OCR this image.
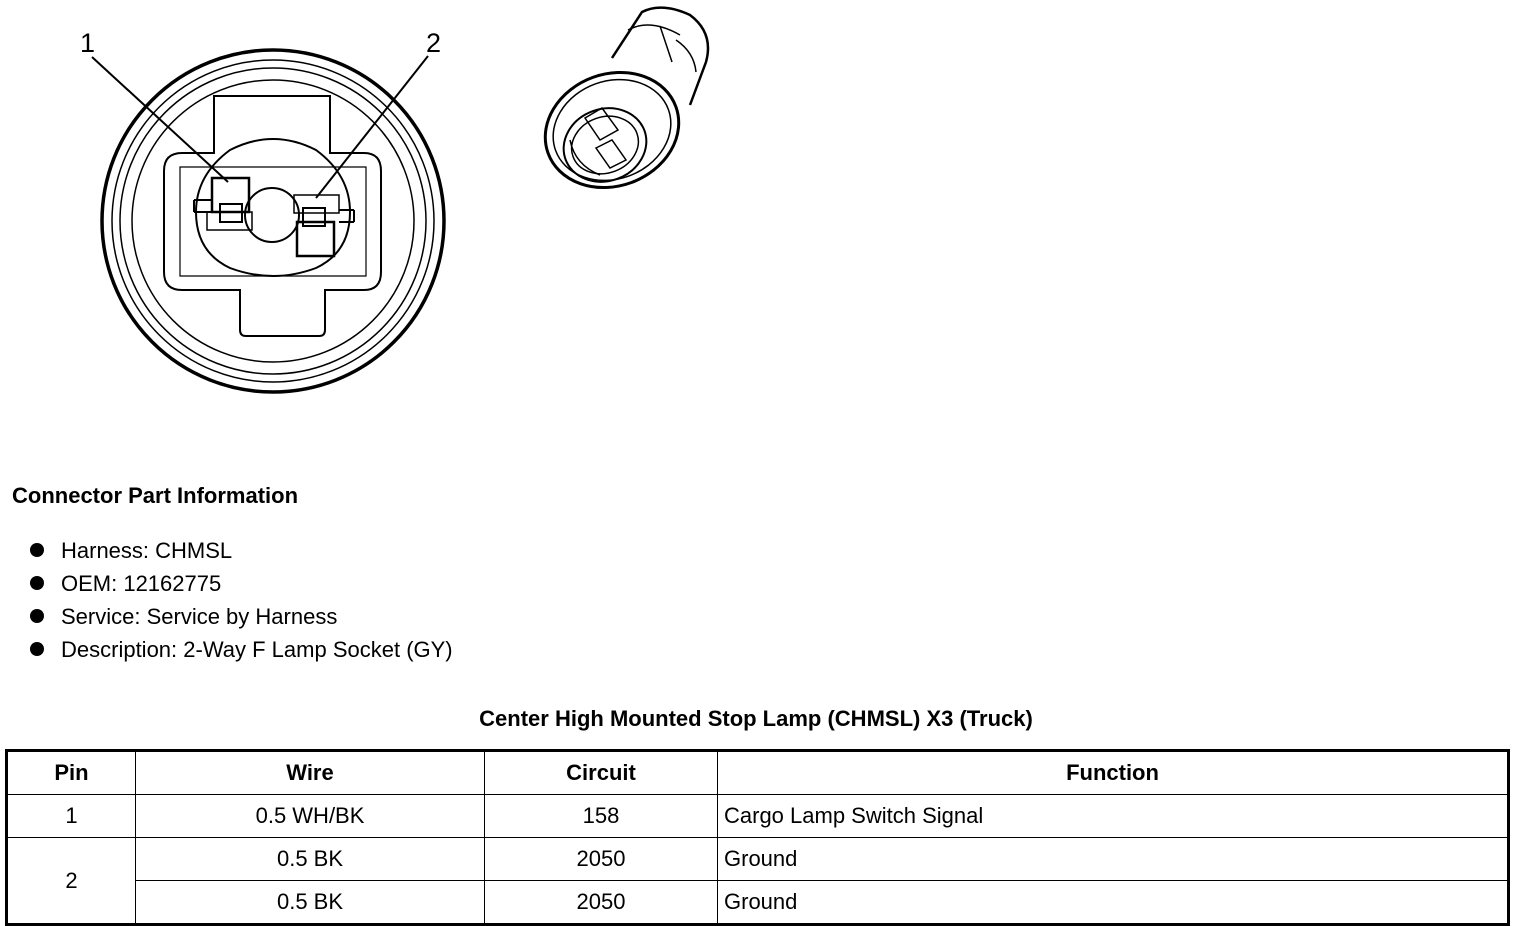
1	2
Connector Part Information
Harness: CHMSL
OEM: 12162775
Service: Service by Harness
Description: 2-Way F Lamp Socket (GY)
Center High Mounted Stop Lamp (CHMSL) X3 (Truck)
Pin	Wire	Circuit	Function
1	0.5 WH/BK	158	Cargo Lamp Switch Signal
2	0.5 BK	2050	Ground
	0.5 BK	2050	Ground
